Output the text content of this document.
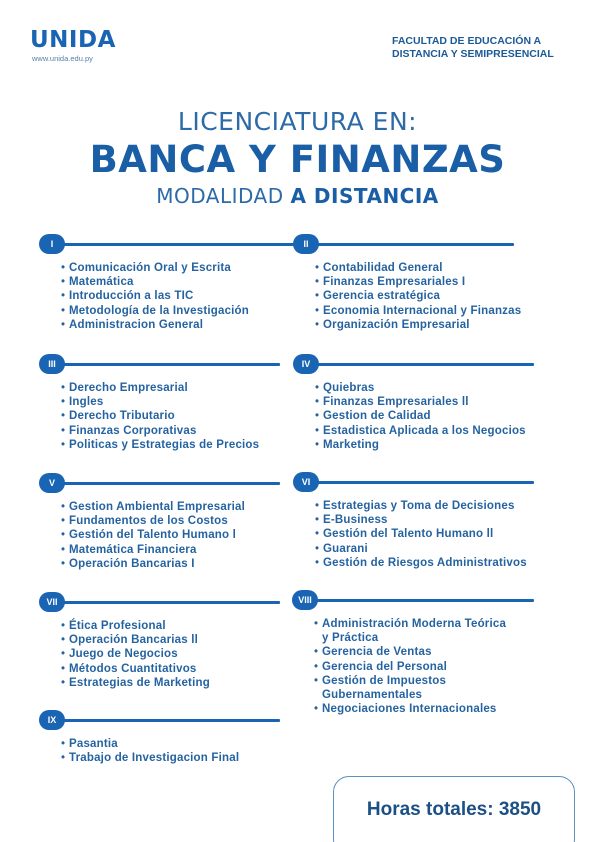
UNIDA
www.unida.edu.py
FACULTAD DE EDUCACIÓN A
DISTANCIA Y SEMIPRESENCIAL
LICENCIATURA EN:
BANCA Y FINANZAS
MODALIDAD A DISTANCIA
I
• Comunicación Oral y Escrita
• Matemática
• Introducción a las TIC
• Metodología de la Investigación
• Administracion General
II
• Contabilidad General
• Finanzas Empresariales I
• Gerencia estratégica
• Economia Internacional y Finanzas
• Organización Empresarial
III
• Derecho Empresarial
• Ingles
• Derecho Tributario
• Finanzas Corporativas
• Politicas y Estrategias de Precios
IV
• Quiebras
• Finanzas Empresariales ll
• Gestion de Calidad
• Estadistica Aplicada a los Negocios
• Marketing
V
• Gestion Ambiental Empresarial
• Fundamentos de los Costos
• Gestión del Talento Humano l
• Matemática Financiera
• Operación Bancarias I
VI
• Estrategias y Toma de Decisiones
• E-Business
• Gestión del Talento Humano ll
• Guarani
• Gestión de Riesgos Administrativos
VII
• Ética Profesional
• Operación Bancarias ll
• Juego de Negocios
• Métodos Cuantitativos
• Estrategias de Marketing
VIII
• Administración Moderna Teórica
y Práctica
• Gerencia de Ventas
• Gerencia del Personal
• Gestión de Impuestos
Gubernamentales
• Negociaciones Internacionales
IX
• Pasantia
• Trabajo de Investigacion Final
Horas totales: 3850
